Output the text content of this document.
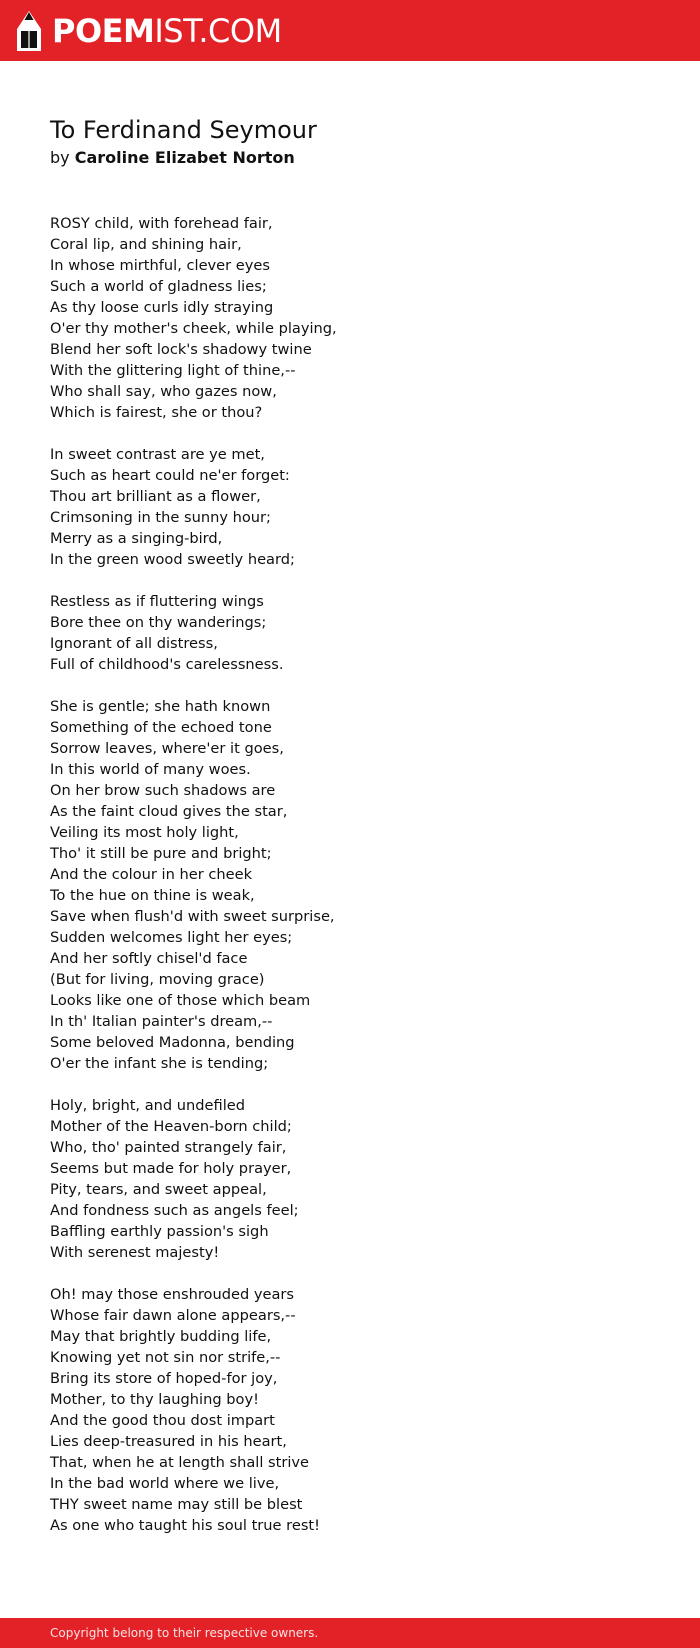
POEM IST.COM
To Ferdinand Seymour

by Caroline Elizabet Norton

ROSY child, with forehead fair,
Coral lip, and shining hair,
In whose mirthful, clever eyes
Such a world of gladness lies;
As thy loose curls idly straying
O'er thy mother's cheek, while playing,
Blend her soft lock's shadowy twine
With the glittering light of thine,--
Who shall say, who gazes now,
Which is fairest, she or thou?
In sweet contrast are ye met,
Such as heart could ne'er forget:
Thou art brilliant as a flower,
Crimsoning in the sunny hour;
Merry as a singing-bird,
In the green wood sweetly heard;
Restless as if fluttering wings
Bore thee on thy wanderings;
Ignorant of all distress,
Full of childhood's carelessness.
She is gentle; she hath known
Something of the echoed tone
Sorrow leaves, where'er it goes,
In this world of many woes.
On her brow such shadows are
As the faint cloud gives the star,
Veiling its most holy light,
Tho' it still be pure and bright;
And the colour in her cheek
To the hue on thine is weak,
Save when flush'd with sweet surprise,
Sudden welcomes light her eyes;
And her softly chisel'd face
(But for living, moving grace)
Looks like one of those which beam
In th' Italian painter's dream,--
Some beloved Madonna, bending
O'er the infant she is tending;
Holy, bright, and undefiled
Mother of the Heaven-born child;
Who, tho' painted strangely fair,
Seems but made for holy prayer,
Pity, tears, and sweet appeal,
And fondness such as angels feel;
Baffling earthly passion's sigh
With serenest majesty!
Oh! may those enshrouded years
Whose fair dawn alone appears,--
May that brightly budding life,
Knowing yet not sin nor strife,--
Bring its store of hoped-for joy,
Mother, to thy laughing boy!
And the good thou dost impart
Lies deep-treasured in his heart,
That, when he at length shall strive
In the bad world where we live,
THY sweet name may still be blest
As one who taught his soul true rest!
Copyright belong to their respective owners.
